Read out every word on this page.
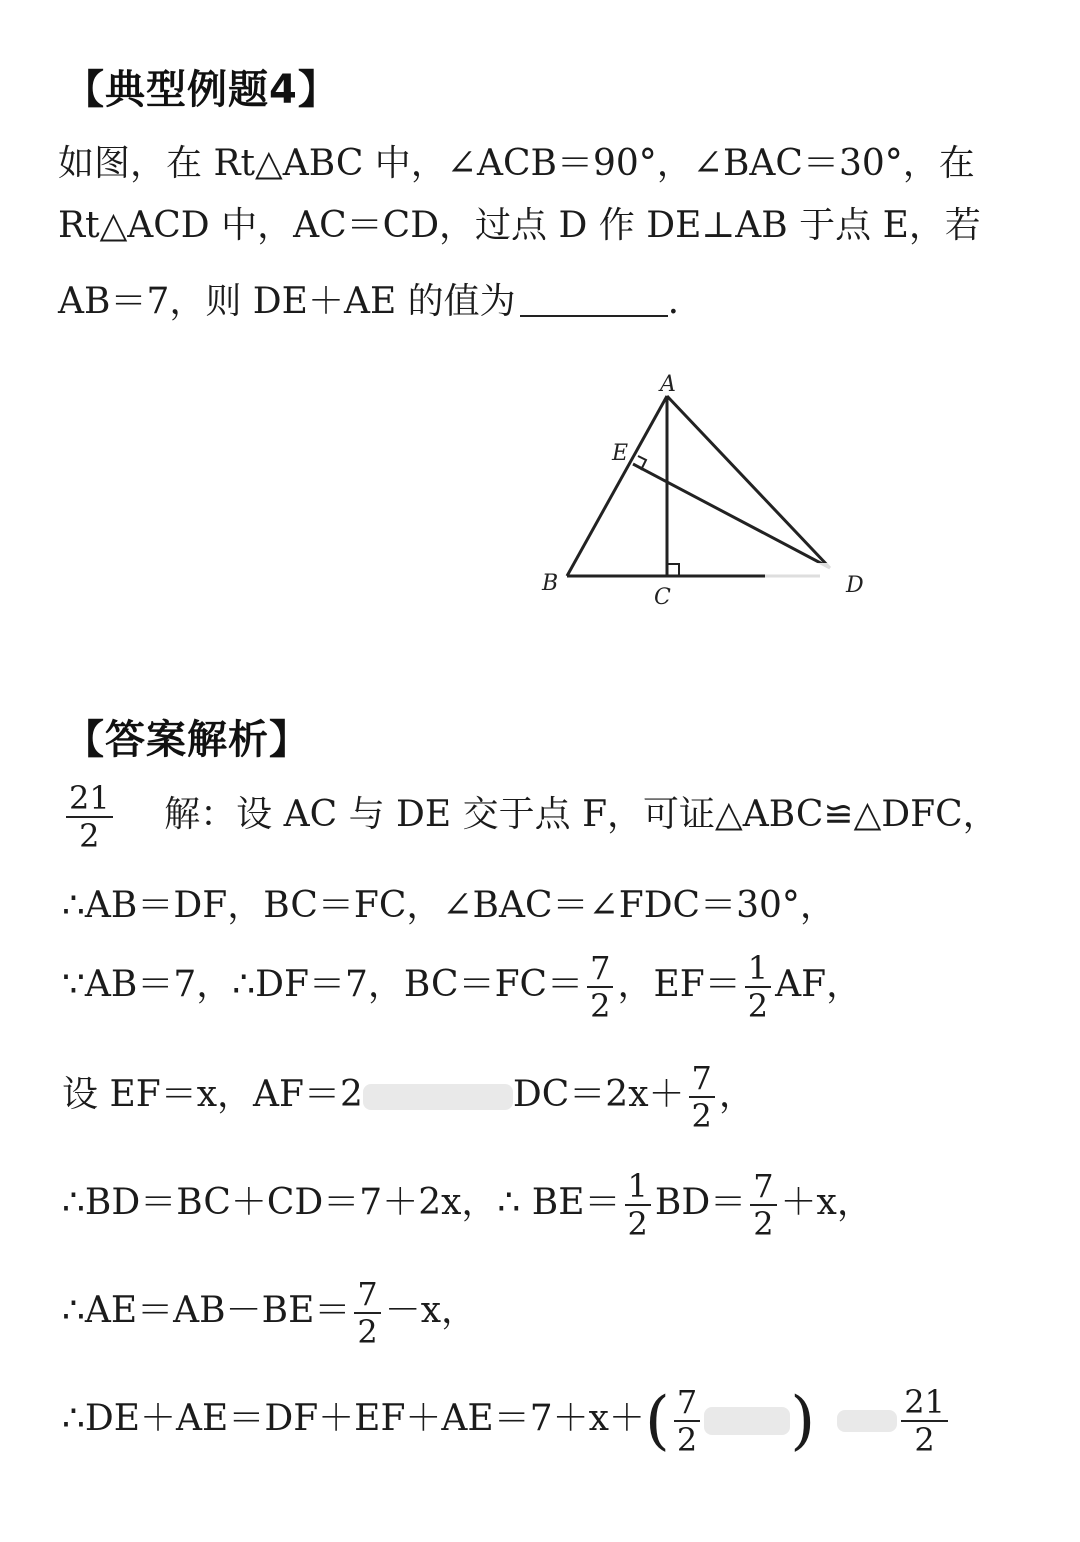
【典型例题4】
如图，在 Rt△ABC 中，∠ACB＝90°，∠BAC＝30°，在
Rt△ACD 中，AC＝CD，过点 D 作 DE⊥AB 于点 E，若
AB＝7，则 DE＋AE 的值为	.
A
E
B
C	D
【答案解析】
$\frac{21}{2}$ 解：设 AC 与 DE 交于点 F，可证△ABC≌△DFC，
∴AB＝DF，BC＝FC，∠BAC＝∠FDC＝30°，
∵AB＝7，∴DF＝7，$BC=FC= \frac{7}{2}$ ，$EF= \frac{1}{2}$ AF，
设 EF＝x，AF＝2	$DC=2x+ \frac{7}{2}$ ，
∴BD＝BC＋CD＝7＋2x，∴ $BE= \frac{1}{2} BD= \frac{7}{2} +x$，
∴AE＝AB－BE＝ $\frac{7}{2} -x$，
∴DE＋AE＝DF＋EF＋AE＝7＋x＋( $\frac{7}{2}$ )	$\frac{21}{2}$
